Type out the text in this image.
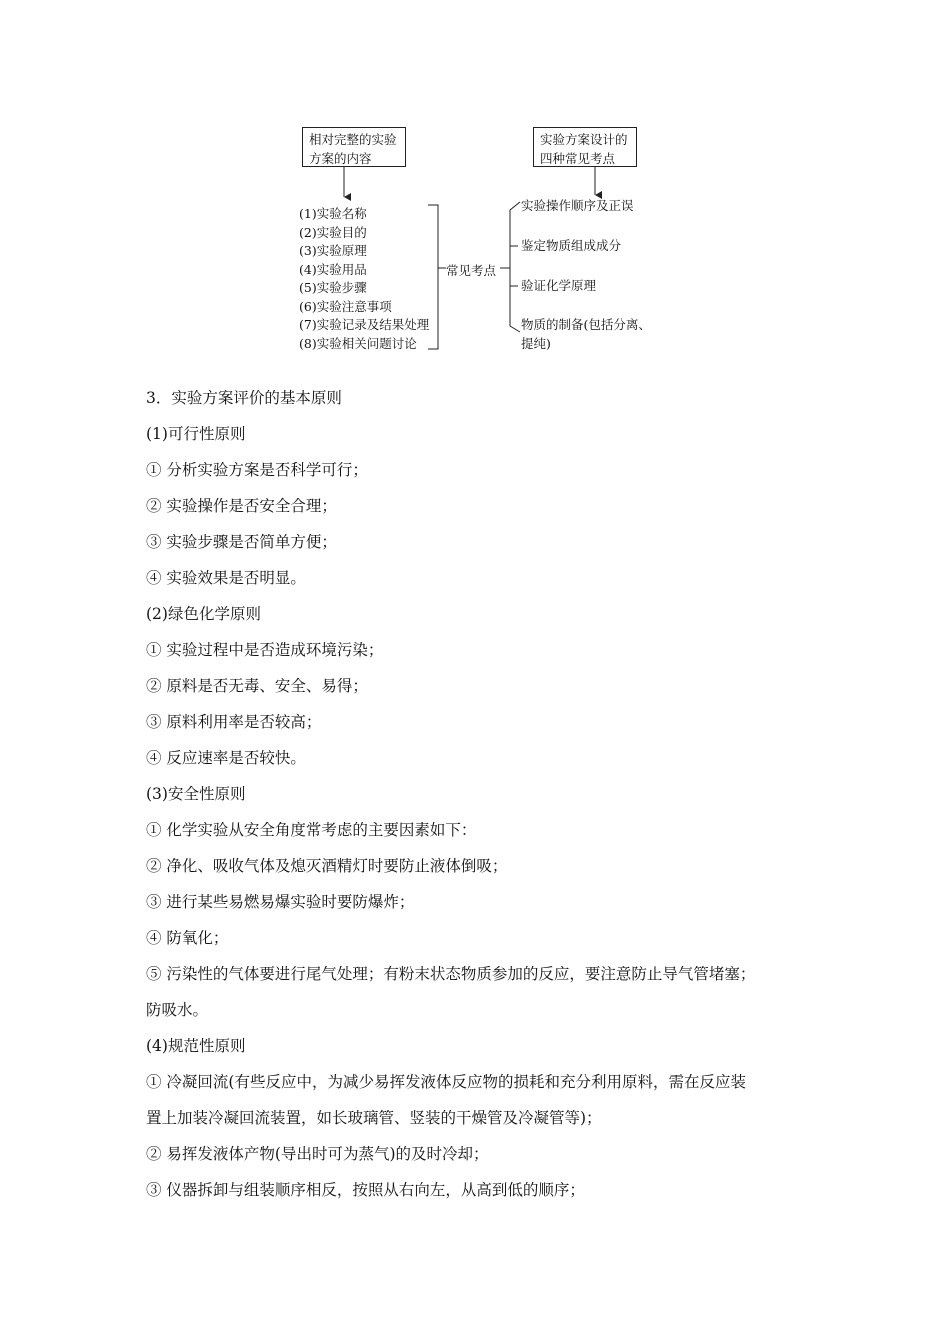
相对完整的实验
方案的内容
实验方案设计的
四种常见考点
(1)实验名称
(2)实验目的
(3)实验原理
(4)实验用品
(5)实验步骤
(6)实验注意事项
(7)实验记录及结果处理
(8)实验相关问题讨论
常见考点
实验操作顺序及正误
鉴定物质组成成分
验证化学原理
物质的制备(包括分离、
提纯)
3．实验方案评价的基本原则
(1)可行性原则
① 分析实验方案是否科学可行；
② 实验操作是否安全合理；
③ 实验步骤是否简单方便；
④ 实验效果是否明显。
(2)绿色化学原则
① 实验过程中是否造成环境污染；
② 原料是否无毒、安全、易得；
③ 原料利用率是否较高；
④ 反应速率是否较快。
(3)安全性原则
① 化学实验从安全角度常考虑的主要因素如下：
② 净化、吸收气体及熄灭酒精灯时要防止液体倒吸；
③ 进行某些易燃易爆实验时要防爆炸；
④ 防氧化；
⑤ 污染性的气体要进行尾气处理；有粉末状态物质参加的反应，要注意防止导气管堵塞；
防吸水。
(4)规范性原则
① 冷凝回流(有些反应中，为减少易挥发液体反应物的损耗和充分利用原料，需在反应装
置上加装冷凝回流装置，如长玻璃管、竖装的干燥管及冷凝管等)；
② 易挥发液体产物(导出时可为蒸气)的及时冷却；
③ 仪器拆卸与组装顺序相反，按照从右向左，从高到低的顺序；
